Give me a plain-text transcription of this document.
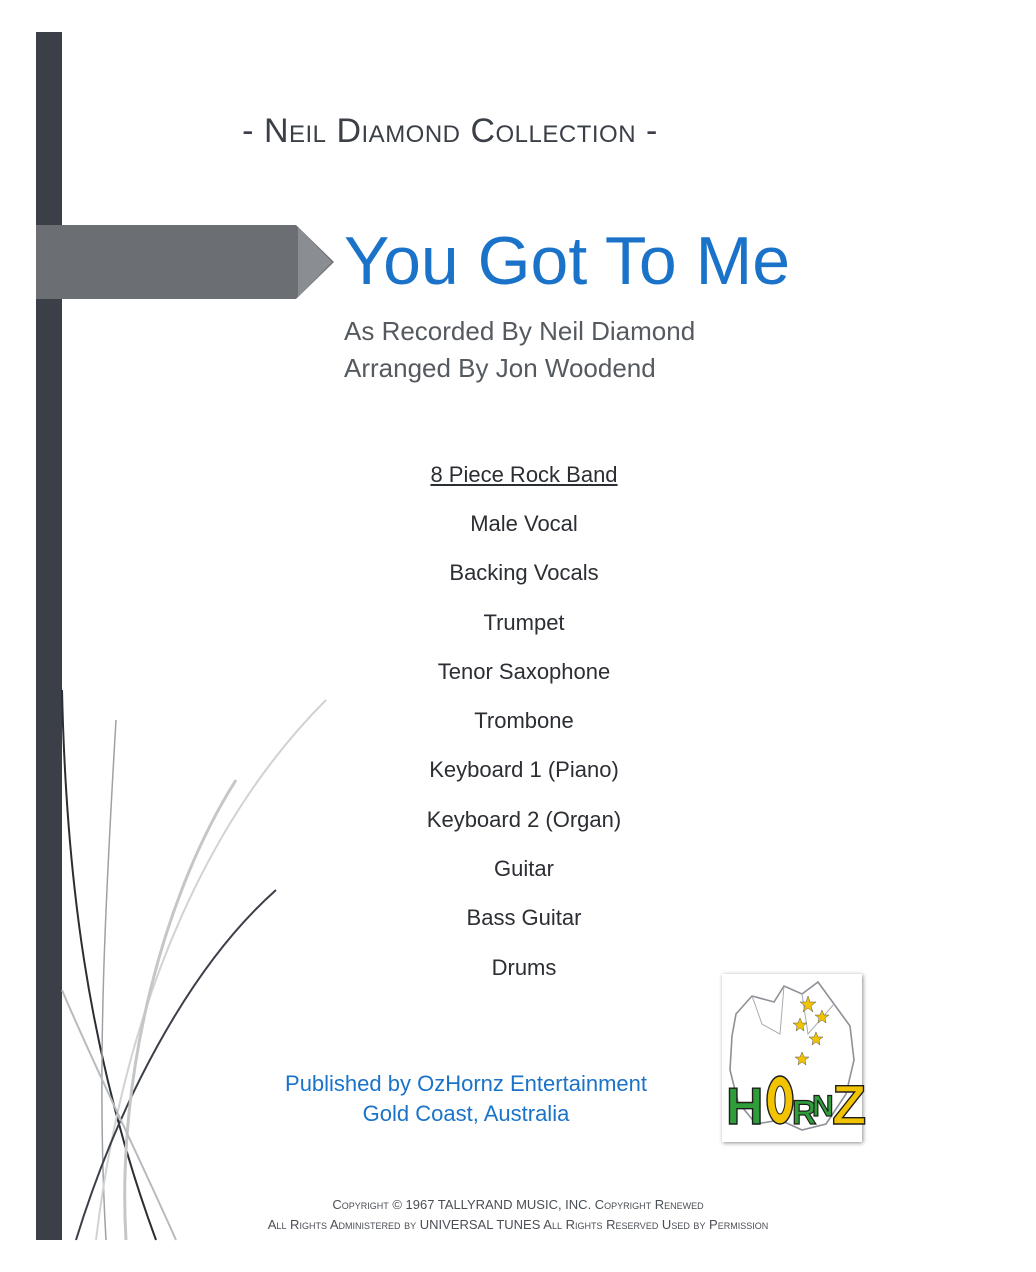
- Neil Diamond Collection -
You Got To Me
As Recorded By Neil Diamond
Arranged By Jon Woodend
8 Piece Rock Band
Male Vocal
Backing Vocals
Trumpet
Tenor Saxophone
Trombone
Keyboard 1 (Piano)
Keyboard 2 (Organ)
Guitar
Bass Guitar
Drums
Published by OzHornz Entertainment
Gold Coast, Australia	H R
N
Z
Copyright © 1967 TALLYRAND MUSIC, INC. Copyright Renewed
All Rights Administered by UNIVERSAL TUNES All Rights Reserved Used by Permission
